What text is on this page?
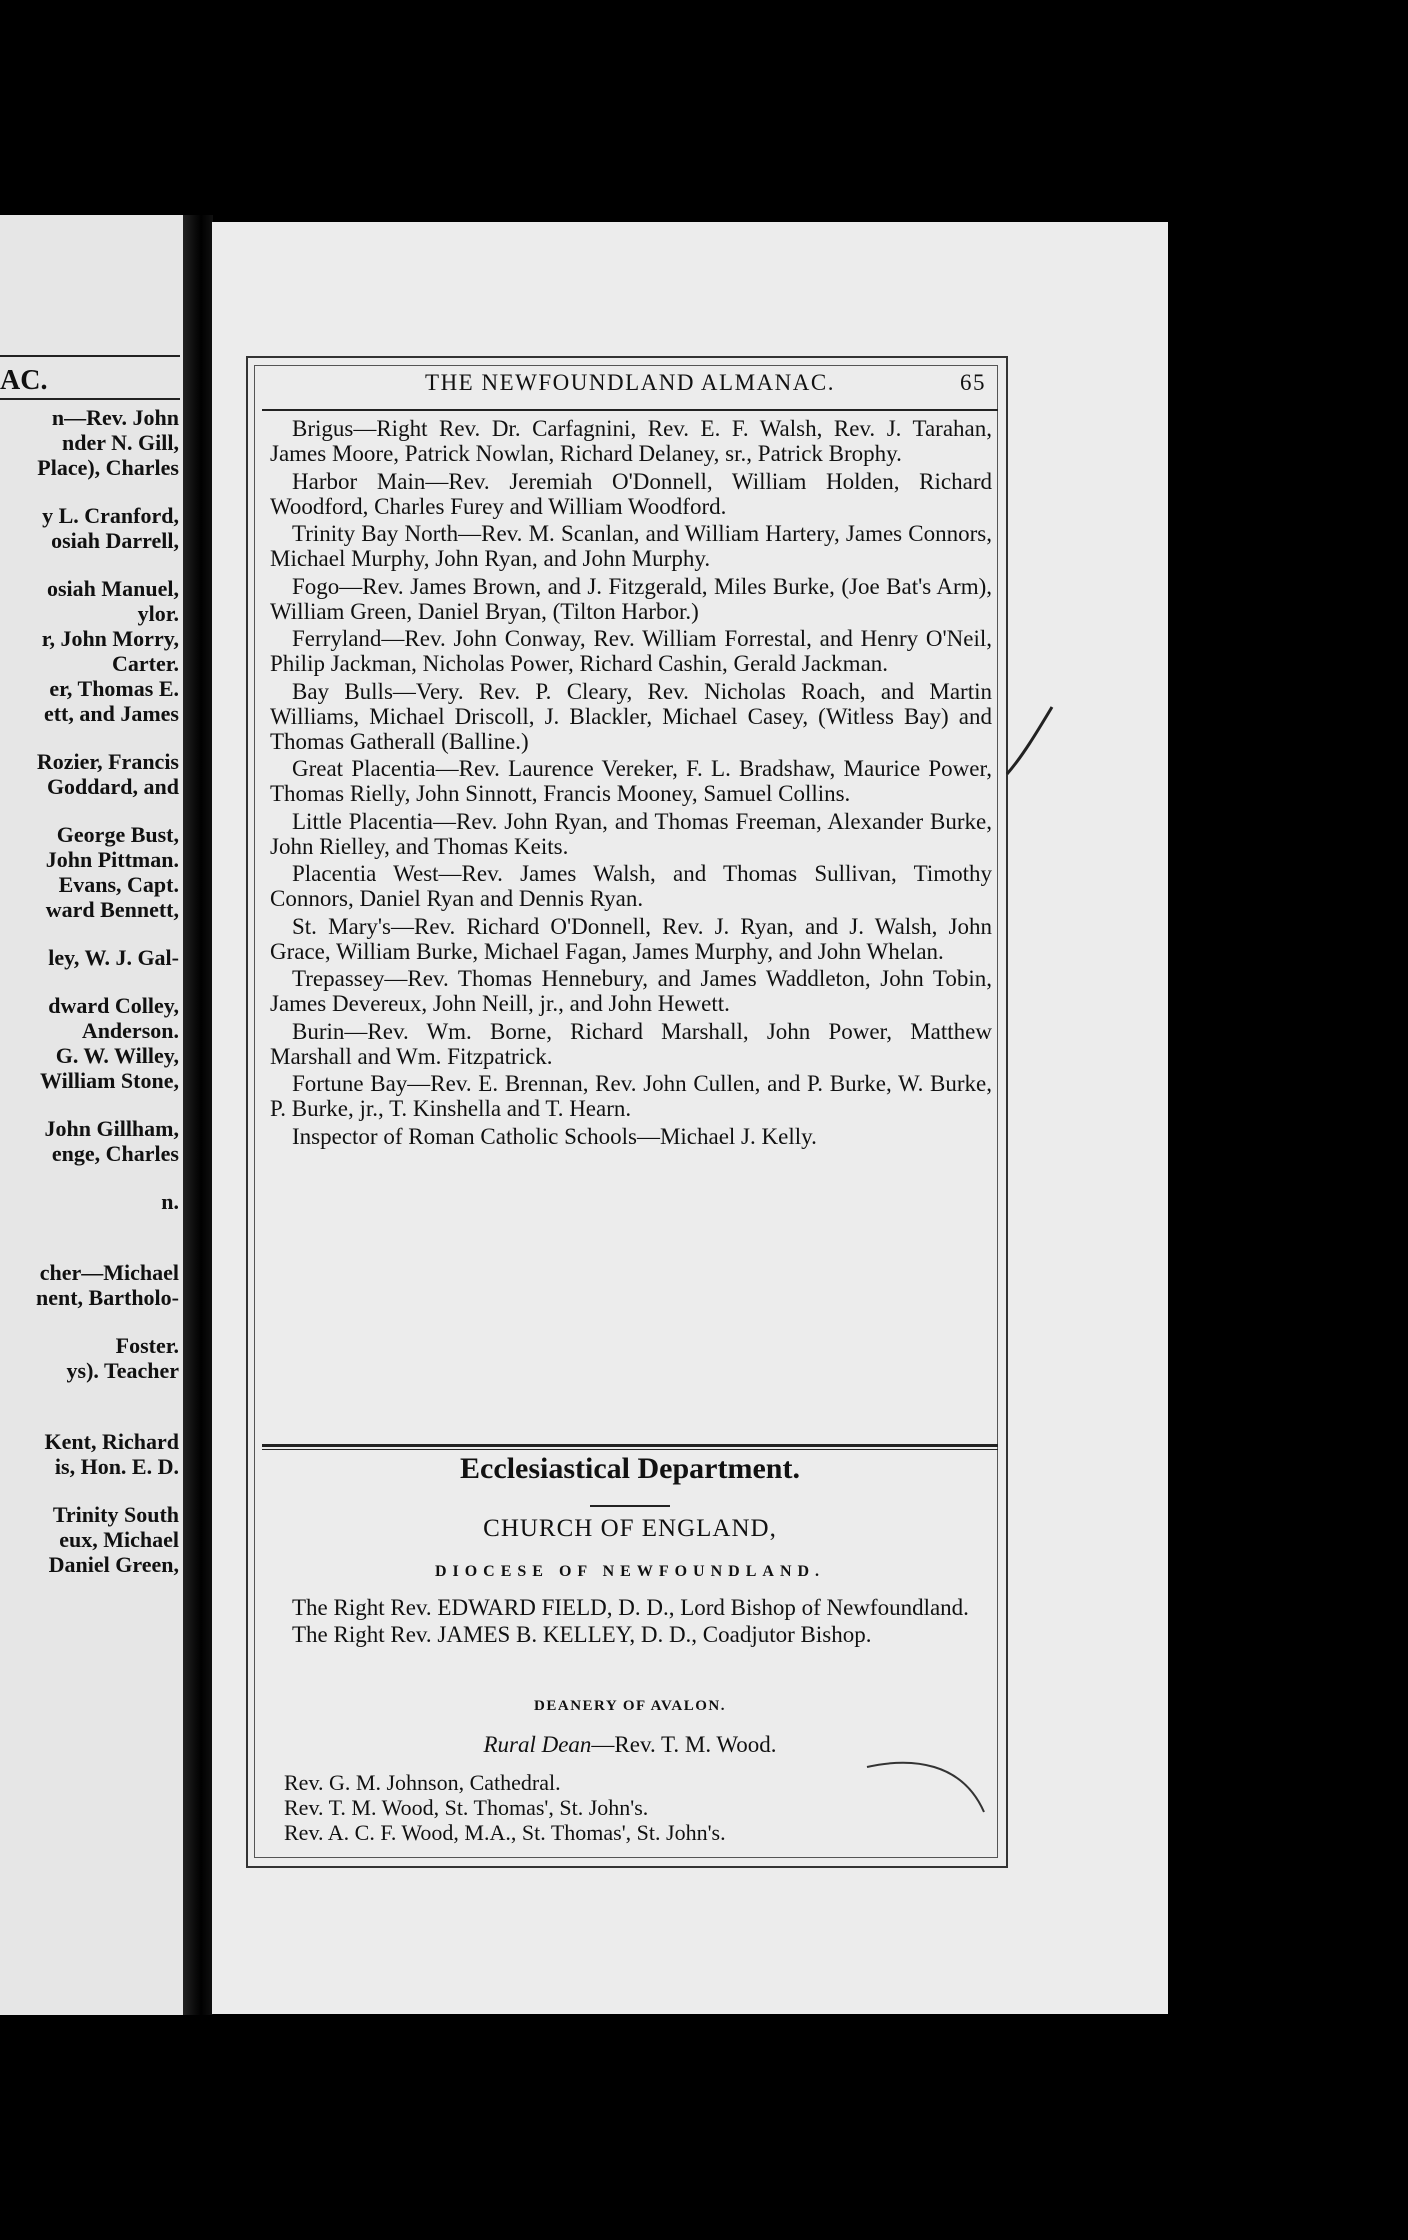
AC.
n—Rev. John
nder N. Gill,
Place), Charles
y L. Cranford,
osiah Darrell,
osiah Manuel,
ylor.
r, John Morry,
Carter.
er, Thomas E.
ett, and James
Rozier, Francis
Goddard, and
George Bust,
John Pittman.
Evans, Capt.
ward Bennett,
ley, W. J. Gal-
dward Colley,
Anderson.
G. W. Willey,
William Stone,
John Gillham,
enge, Charles
n.
cher—Michael
nent, Bartholo-
Foster.
ys). Teacher
Kent, Richard
is, Hon. E. D.
Trinity South
eux, Michael
Daniel Green,
THE NEWFOUNDLAND ALMANAC.	65
Brigus—Right Rev. Dr. Carfagnini, Rev. E. F. Walsh, Rev. J. Tarahan, James Moore, Patrick Nowlan, Richard Delaney, sr., Patrick Brophy.
Harbor Main—Rev. Jeremiah O'Donnell, William Holden, Richard Woodford, Charles Furey and William Woodford.
Trinity Bay North—Rev. M. Scanlan, and William Hartery, James Connors, Michael Murphy, John Ryan, and John Murphy.
Fogo—Rev. James Brown, and J. Fitzgerald, Miles Burke, (Joe Bat's Arm), William Green, Daniel Bryan, (Tilton Harbor.)
Ferryland—Rev. John Conway, Rev. William Forrestal, and Henry O'Neil, Philip Jackman, Nicholas Power, Richard Cashin, Gerald Jackman.
Bay Bulls—Very. Rev. P. Cleary, Rev. Nicholas Roach, and Martin Williams, Michael Driscoll, J. Blackler, Michael Casey, (Witless Bay) and Thomas Gatherall (Balline.)
Great Placentia—Rev. Laurence Vereker, F. L. Bradshaw, Maurice Power, Thomas Rielly, John Sinnott, Francis Mooney, Samuel Collins.
Little Placentia—Rev. John Ryan, and Thomas Freeman, Alexander Burke, John Rielley, and Thomas Keits.
Placentia West—Rev. James Walsh, and Thomas Sullivan, Timothy Connors, Daniel Ryan and Dennis Ryan.
St. Mary's—Rev. Richard O'Donnell, Rev. J. Ryan, and J. Walsh, John Grace, William Burke, Michael Fagan, James Murphy, and John Whelan.
Trepassey—Rev. Thomas Hennebury, and James Waddleton, John Tobin, James Devereux, John Neill, jr., and John Hewett.
Burin—Rev. Wm. Borne, Richard Marshall, John Power, Matthew Marshall and Wm. Fitzpatrick.
Fortune Bay—Rev. E. Brennan, Rev. John Cullen, and P. Burke, W. Burke, P. Burke, jr., T. Kinshella and T. Hearn.
Inspector of Roman Catholic Schools—Michael J. Kelly.
Ecclesiastical Department.
CHURCH OF ENGLAND,
DIOCESE OF NEWFOUNDLAND.
The Right Rev. EDWARD FIELD, D. D., Lord Bishop of Newfoundland.
The Right Rev. JAMES B. KELLEY, D. D., Coadjutor Bishop.
DEANERY OF AVALON.
Rural Dean—Rev. T. M. Wood.
Rev. G. M. Johnson, Cathedral.
Rev. T. M. Wood, St. Thomas', St. John's.
Rev. A. C. F. Wood, M.A., St. Thomas', St. John's.
